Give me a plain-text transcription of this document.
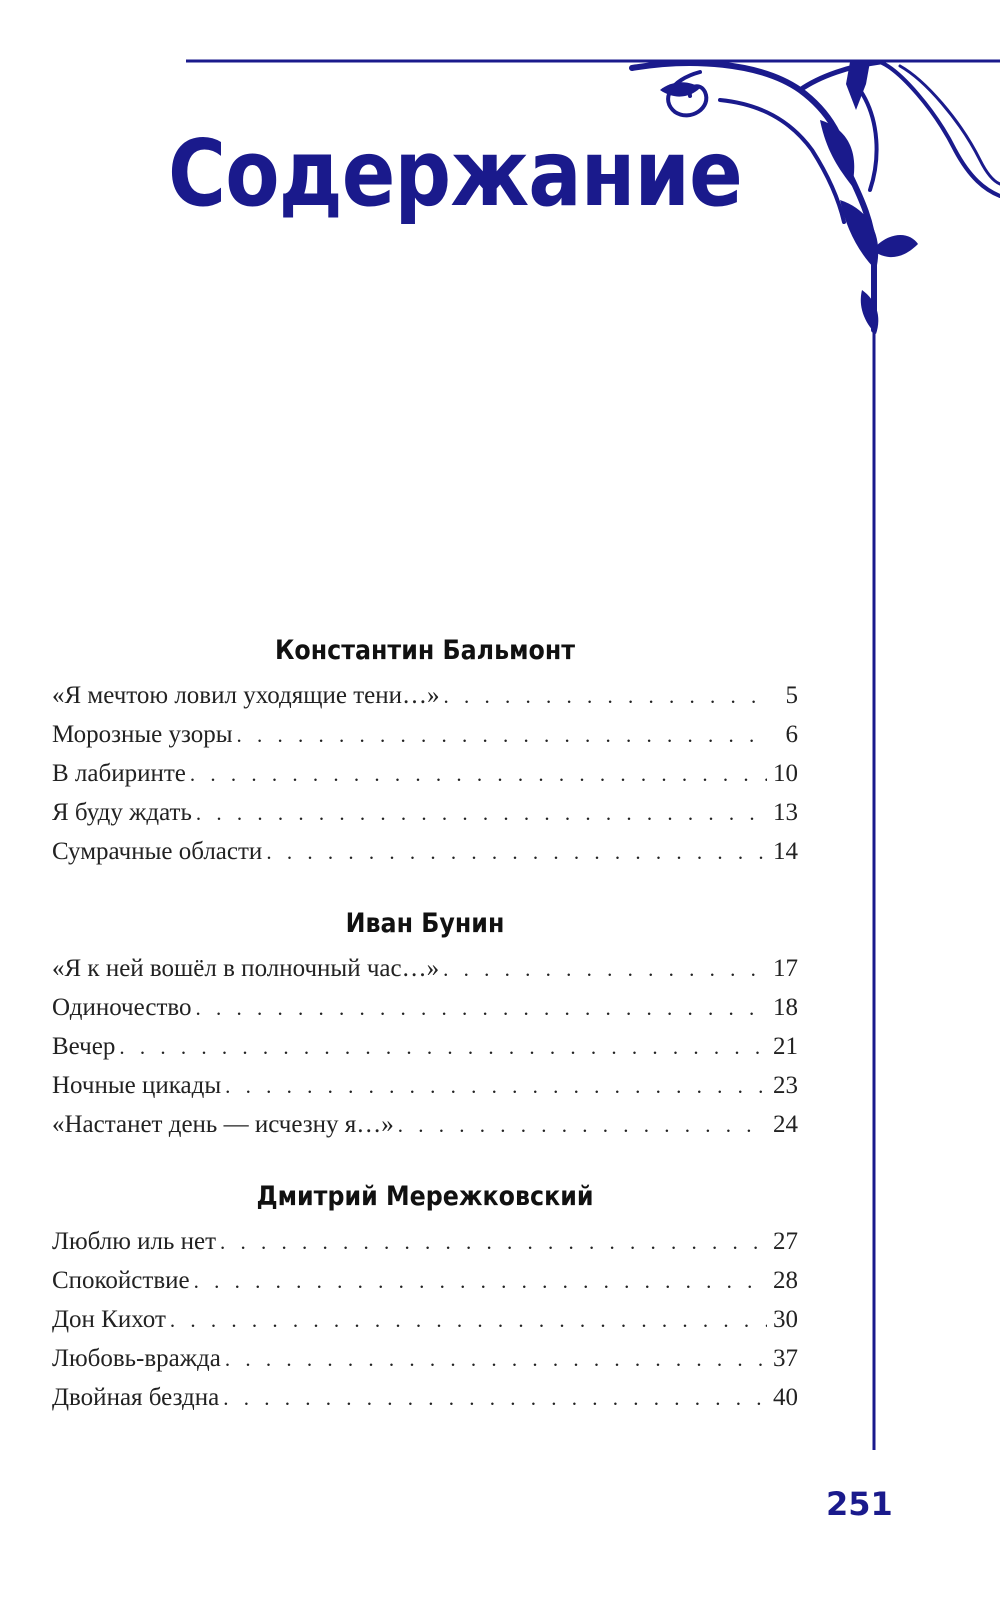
Содержание
Константин Бальмонт
«Я мечтою ловил уходящие тени…» . . .	5
Морозные узоры . . .	6
В лабиринте . . .	10
Я буду ждать . . .	13
Сумрачные области . . .	14
Иван Бунин
«Я к ней вошёл в полночный час…» . . .	17
Одиночество . . .	18
Вечер . . .	21
Ночные цикады . . .	23
«Настанет день — исчезну я…» . . .	24
Дмитрий Мережковский
Люблю иль нет . . .	27
Спокойствие . . .	28
Дон Кихот . . .	30
Любовь-вражда . . .	37
Двойная бездна . . .	40
251
